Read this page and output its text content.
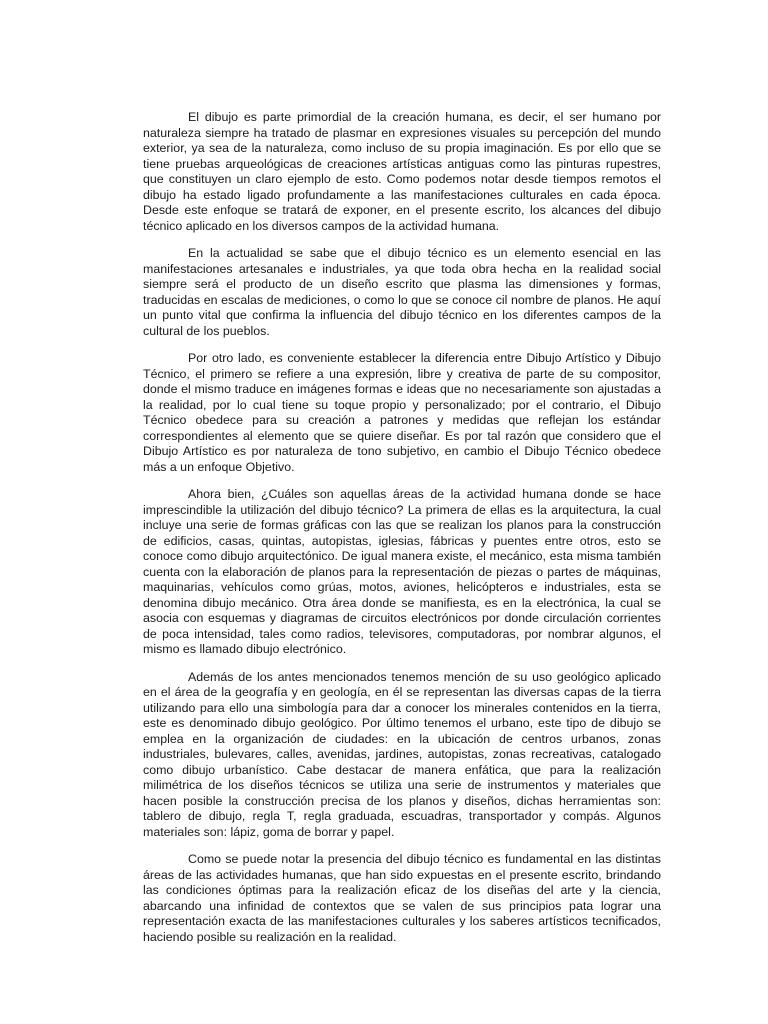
El dibujo es parte primordial de la creación humana, es decir, el ser humano por naturaleza siempre ha tratado de plasmar en expresiones visuales su percepción del mundo exterior, ya sea de la naturaleza, como incluso de su propia imaginación. Es por ello que se tiene pruebas arqueológicas de creaciones artísticas antiguas como las pinturas rupestres, que constituyen un claro ejemplo de esto. Como podemos notar desde tiempos remotos el dibujo ha estado ligado profundamente a las manifestaciones culturales en cada época. Desde este enfoque se tratará de exponer, en el presente escrito, los alcances del dibujo técnico aplicado en los diversos campos de la actividad humana.

En la actualidad se sabe que el dibujo técnico es un elemento esencial en las manifestaciones artesanales e industriales, ya que toda obra hecha en la realidad social siempre será el producto de un diseño escrito que plasma las dimensiones y formas, traducidas en escalas de mediciones, o como lo que se conoce cil nombre de planos. He aquí un punto vital que confirma la influencia del dibujo técnico en los diferentes campos de la cultural de los pueblos.

Por otro lado, es conveniente establecer la diferencia entre Dibujo Artístico y Dibujo Técnico, el primero se refiere a una expresión, libre y creativa de parte de su compositor, donde el mismo traduce en imágenes formas e ideas que no necesariamente son ajustadas a la realidad, por lo cual tiene su toque propio y personalizado; por el contrario, el Dibujo Técnico obedece para su creación a patrones y medidas que reflejan los estándar correspondientes al elemento que se quiere diseñar. Es por tal razón que considero que el Dibujo Artístico es por naturaleza de tono subjetivo, en cambio el Dibujo Técnico obedece más a un enfoque Objetivo.

Ahora bien, ¿Cuáles son aquellas áreas de la actividad humana donde se hace imprescindible la utilización del dibujo técnico? La primera de ellas es la arquitectura, la cual incluye una serie de formas gráficas con las que se realizan los planos para la construcción de edificios, casas, quintas, autopistas, iglesias, fábricas y puentes entre otros, esto se conoce como dibujo arquitectónico. De igual manera existe, el mecánico, esta misma también cuenta con la elaboración de planos para la representación de piezas o partes de máquinas, maquinarias, vehículos como grúas, motos, aviones, helicópteros e industriales, esta se denomina dibujo mecánico. Otra área donde se manifiesta, es en la electrónica, la cual se asocia con esquemas y diagramas de circuitos electrónicos por donde circulación corrientes de poca intensidad, tales como radios, televisores, computadoras, por nombrar algunos, el mismo es llamado dibujo electrónico.

Además de los antes mencionados tenemos mención de su uso geológico aplicado en el área de la geografía y en geología, en él se representan las diversas capas de la tierra utilizando para ello una simbología para dar a conocer los minerales contenidos en la tierra, este es denominado dibujo geológico. Por último tenemos el urbano, este tipo de dibujo se emplea en la organización de ciudades: en la ubicación de centros urbanos, zonas industriales, bulevares, calles, avenidas, jardines, autopistas, zonas recreativas, catalogado como dibujo urbanístico. Cabe destacar de manera enfática, que para la realización milimétrica de los diseños técnicos se utiliza una serie de instrumentos y materiales que hacen posible la construcción precisa de los planos y diseños, dichas herramientas son: tablero de dibujo, regla T, regla graduada, escuadras, transportador y compás. Algunos materiales son: lápiz, goma de borrar y papel.

Como se puede notar la presencia del dibujo técnico es fundamental en las distintas áreas de las actividades humanas, que han sido expuestas en el presente escrito, brindando las condiciones óptimas para la realización eficaz de los diseñas del arte y la ciencia, abarcando una infinidad de contextos que se valen de sus principios pata lograr una representación exacta de las manifestaciones culturales y los saberes artísticos tecnificados, haciendo posible su realización en la realidad.
